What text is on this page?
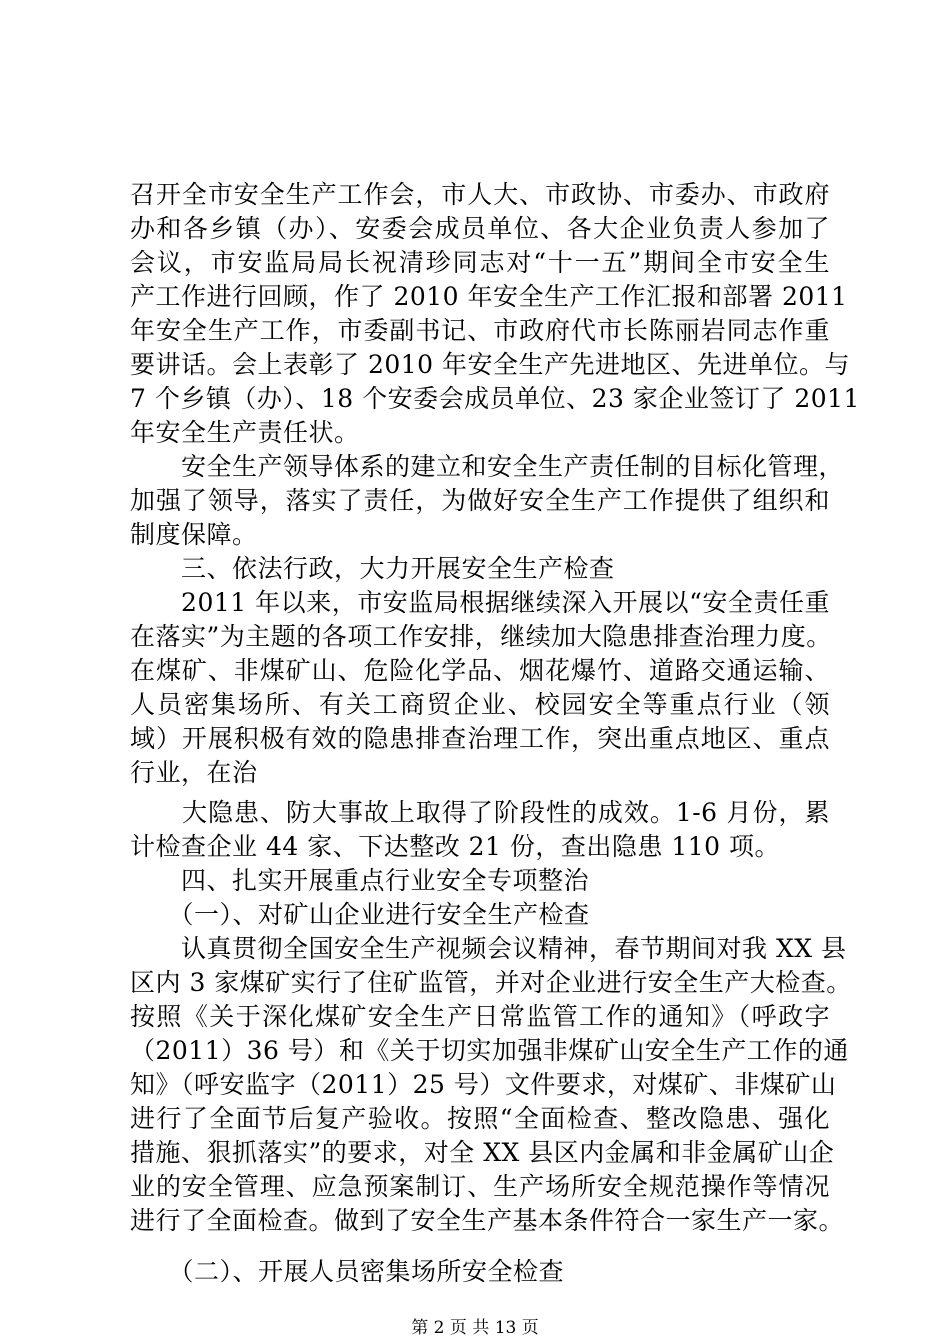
召开全市安全生产工作会，市人大、市政协、市委办、市政府
办和各乡镇（办）、安委会成员单位、各大企业负责人参加了
会议，市安监局局长祝清珍同志对“十一五”期间全市安全生
产工作进行回顾，作了 2010 年安全生产工作汇报和部署 2011
年安全生产工作，市委副书记、市政府代市长陈丽岩同志作重
要讲话。会上表彰了 2010 年安全生产先进地区、先进单位。与
7 个乡镇（办）、18 个安委会成员单位、23 家企业签订了 2011
年安全生产责任状。
　　安全生产领导体系的建立和安全生产责任制的目标化管理，
加强了领导，落实了责任，为做好安全生产工作提供了组织和
制度保障。
　　三、依法行政，大力开展安全生产检查
　　2011 年以来，市安监局根据继续深入开展以“安全责任重
在落实”为主题的各项工作安排，继续加大隐患排查治理力度。
在煤矿、非煤矿山、危险化学品、烟花爆竹、道路交通运输、
人员密集场所、有关工商贸企业、校园安全等重点行业（领
域）开展积极有效的隐患排查治理工作，突出重点地区、重点
行业，在治
　　大隐患、防大事故上取得了阶段性的成效。1-6 月份，累
计检查企业 44 家、下达整改 21 份，查出隐患 110 项。
　　四、扎实开展重点行业安全专项整治
　　（一）、对矿山企业进行安全生产检查
　　认真贯彻全国安全生产视频会议精神，春节期间对我 XX 县
区内 3 家煤矿实行了住矿监管，并对企业进行安全生产大检查。
按照《关于深化煤矿安全生产日常监管工作的通知》（呼政字
（2011）36 号）和《关于切实加强非煤矿山安全生产工作的通
知》（呼安监字（2011）25 号）文件要求，对煤矿、非煤矿山
进行了全面节后复产验收。按照“全面检查、整改隐患、强化
措施、狠抓落实”的要求，对全 XX 县区内金属和非金属矿山企
业的安全管理、应急预案制订、生产场所安全规范操作等情况
进行了全面检查。做到了安全生产基本条件符合一家生产一家。
　　（二）、开展人员密集场所安全检查
第 2 页 共 13 页
